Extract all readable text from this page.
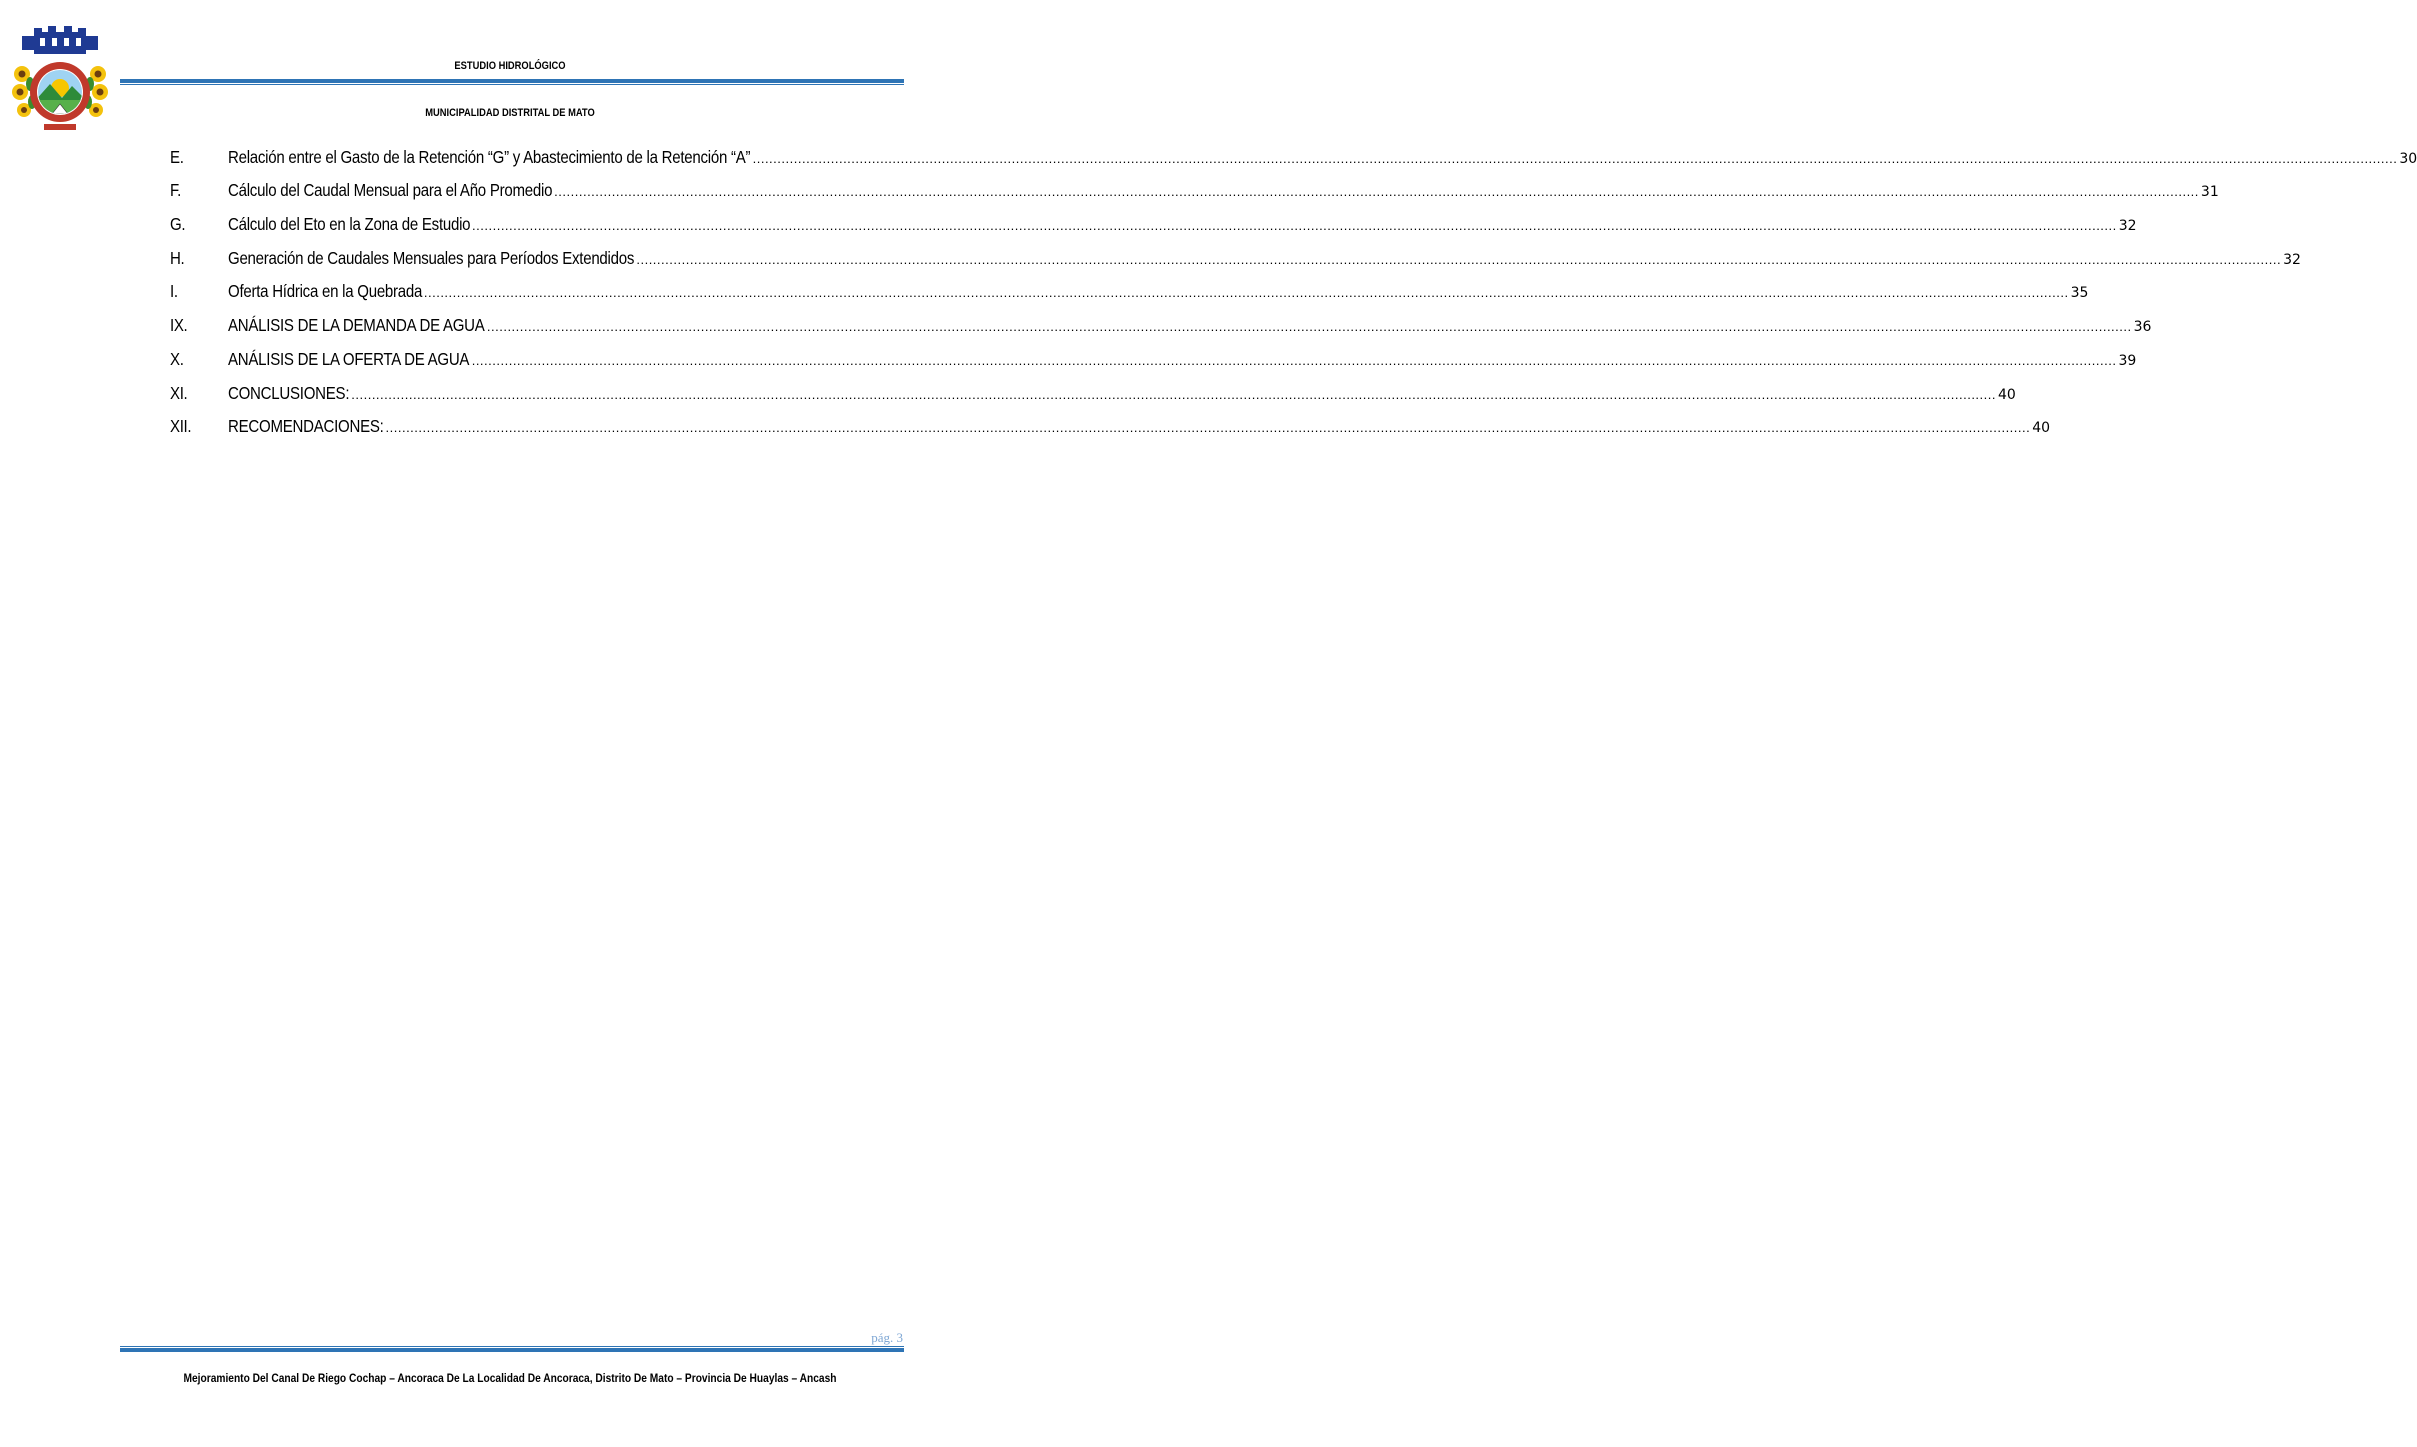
ESTUDIO HIDROLÓGICO
MUNICIPALIDAD DISTRITAL DE MATO
E.	Relación entre el Gasto de la Retención “G” y Abastecimiento de la Retención “A” ................................................................................................................................................................................................................................................................................................................................................................................................................ 30
F.	Cálculo del Caudal Mensual para el Año Promedio ................................................................................................................................................................................................................................................................................................................................................................................................................ 31
G. Cálculo del Eto en la Zona de Estudio ................................................................................................................................................................................................................................................................................................................................................................................................................ 32
H. Generación de Caudales Mensuales para Períodos Extendidos ................................................................................................................................................................................................................................................................................................................................................................................................................ 32
I.	Oferta Hídrica en la Quebrada ................................................................................................................................................................................................................................................................................................................................................................................................................ 35
IX. ANÁLISIS DE LA DEMANDA DE AGUA ................................................................................................................................................................................................................................................................................................................................................................................................................ 36
X.	ANÁLISIS DE LA OFERTA DE AGUA ................................................................................................................................................................................................................................................................................................................................................................................................................ 39
XI. CONCLUSIONES: ................................................................................................................................................................................................................................................................................................................................................................................................................ 40
XII. RECOMENDACIONES: ................................................................................................................................................................................................................................................................................................................................................................................................................ 40
pág. 3
Mejoramiento Del Canal De Riego Cochap – Ancoraca De La Localidad De Ancoraca, Distrito De Mato – Provincia De Huaylas – Ancash
